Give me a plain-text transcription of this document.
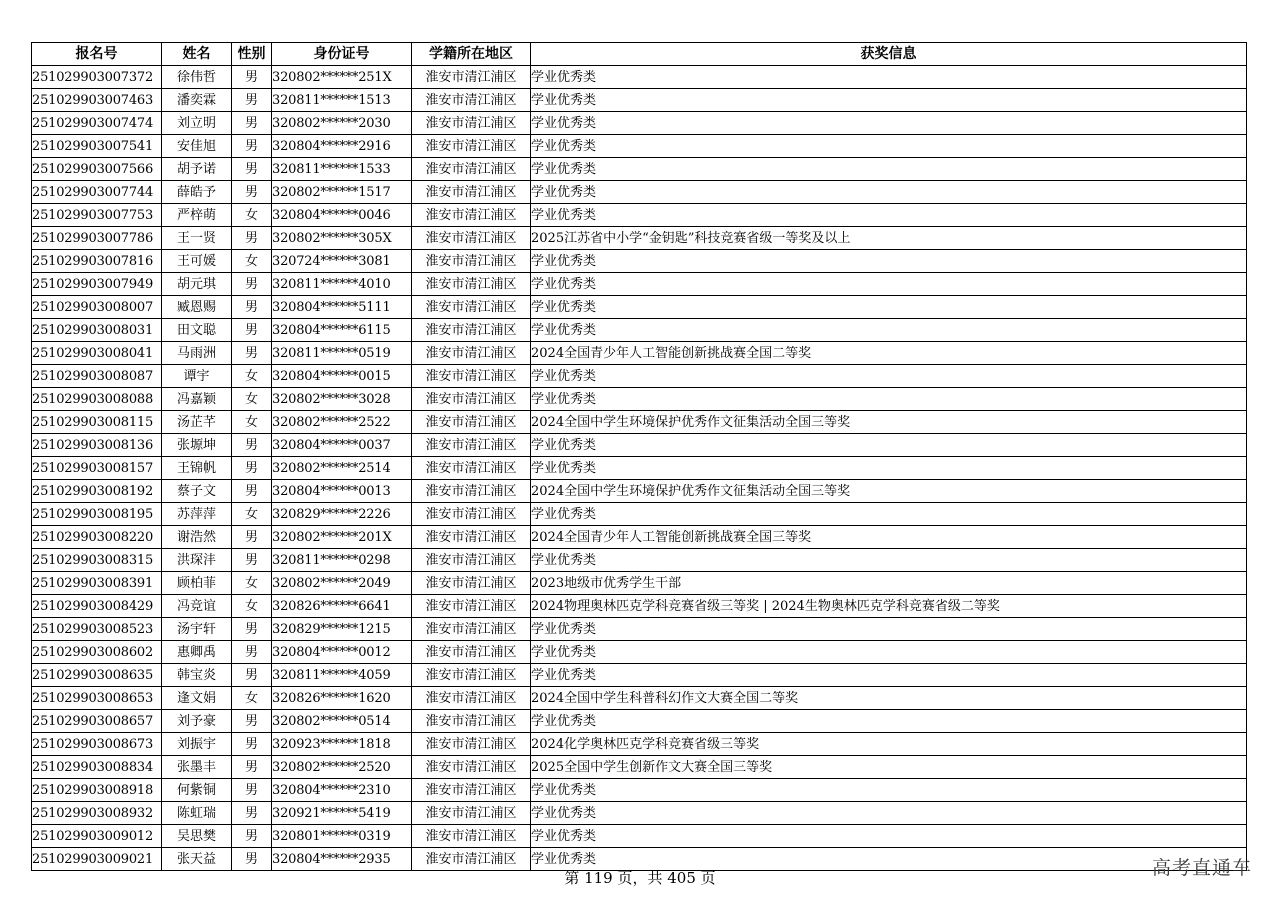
报名号	姓名	性别	身份证号	学籍所在地区	获奖信息
251029903007372	徐伟哲	男	320802******251X	淮安市清江浦区	学业优秀类
251029903007463	潘奕霖	男	320811******1513	淮安市清江浦区	学业优秀类
251029903007474	刘立明	男	320802******2030	淮安市清江浦区	学业优秀类
251029903007541	安佳旭	男	320804******2916	淮安市清江浦区	学业优秀类
251029903007566	胡予诺	男	320811******1533	淮安市清江浦区	学业优秀类
251029903007744	薛皓予	男	320802******1517	淮安市清江浦区	学业优秀类
251029903007753	严梓萌	女	320804******0046	淮安市清江浦区	学业优秀类
251029903007786	王一贤	男	320802******305X	淮安市清江浦区	2025江苏省中小学“金钥匙”科技竞赛省级一等奖及以上
251029903007816	王可媛	女	320724******3081	淮安市清江浦区	学业优秀类
251029903007949	胡元琪	男	320811******4010	淮安市清江浦区	学业优秀类
251029903008007	臧恩赐	男	320804******5111	淮安市清江浦区	学业优秀类
251029903008031	田文聪	男	320804******6115	淮安市清江浦区	学业优秀类
251029903008041	马雨洲	男	320811******0519	淮安市清江浦区	2024全国青少年人工智能创新挑战赛全国二等奖
251029903008087	谭宇	女	320804******0015	淮安市清江浦区	学业优秀类
251029903008088	冯嘉颖	女	320802******3028	淮安市清江浦区	学业优秀类
251029903008115	汤芷芊	女	320802******2522	淮安市清江浦区	2024全国中学生环境保护优秀作文征集活动全国三等奖
251029903008136	张塬坤	男	320804******0037	淮安市清江浦区	学业优秀类
251029903008157	王锦帆	男	320802******2514	淮安市清江浦区	学业优秀类
251029903008192	蔡子文	男	320804******0013	淮安市清江浦区	2024全国中学生环境保护优秀作文征集活动全国三等奖
251029903008195	苏萍萍	女	320829******2226	淮安市清江浦区	学业优秀类
251029903008220	谢浩然	男	320802******201X	淮安市清江浦区	2024全国青少年人工智能创新挑战赛全国三等奖
251029903008315	洪琛沣	男	320811******0298	淮安市清江浦区	学业优秀类
251029903008391	顾柏菲	女	320802******2049	淮安市清江浦区	2023地级市优秀学生干部
251029903008429	冯竞谊	女	320826******6641	淮安市清江浦区	2024物理奥林匹克学科竞赛省级三等奖 | 2024生物奥林匹克学科竞赛省级二等奖
251029903008523	汤宇轩	男	320829******1215	淮安市清江浦区	学业优秀类
251029903008602	惠卿禹	男	320804******0012	淮安市清江浦区	学业优秀类
251029903008635	韩宝炎	男	320811******4059	淮安市清江浦区	学业优秀类
251029903008653	逢文娟	女	320826******1620	淮安市清江浦区	2024全国中学生科普科幻作文大赛全国二等奖
251029903008657	刘予豪	男	320802******0514	淮安市清江浦区	学业优秀类
251029903008673	刘振宇	男	320923******1818	淮安市清江浦区	2024化学奥林匹克学科竞赛省级三等奖
251029903008834	张墨丰	男	320802******2520	淮安市清江浦区	2025全国中学生创新作文大赛全国三等奖
251029903008918	何紫铜	男	320804******2310	淮安市清江浦区	学业优秀类
251029903008932	陈虹瑞	男	320921******5419	淮安市清江浦区	学业优秀类
251029903009012	吴思樊	男	320801******0319	淮安市清江浦区	学业优秀类
251029903009021	张天益	男	320804******2935	淮安市清江浦区	学业优秀类
第 119 页，共 405 页	高考直通车
